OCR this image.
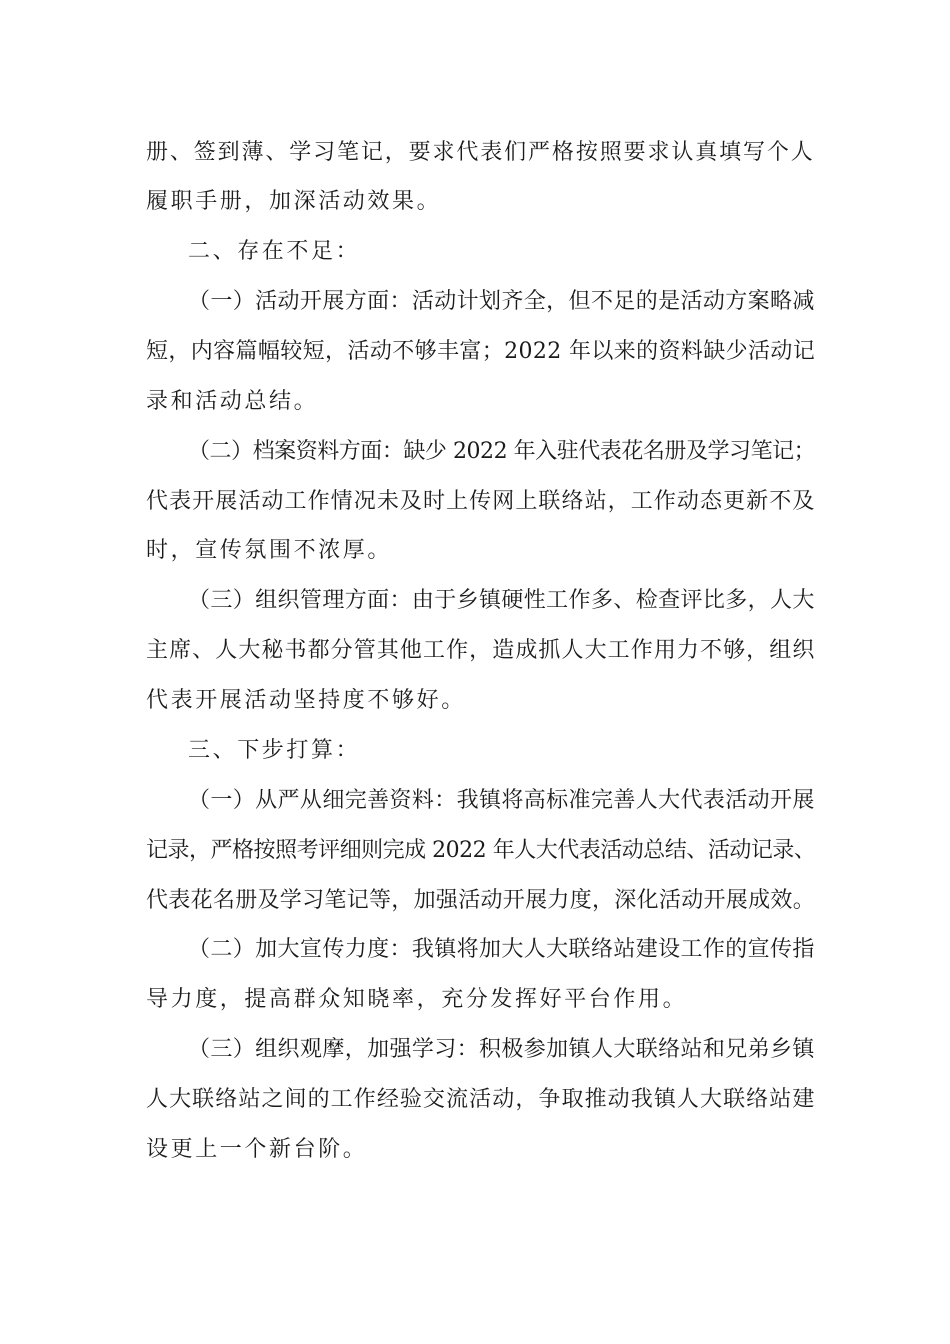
册、签到薄、学习笔记，要求代表们严格按照要求认真填写个人
履职手册，加深活动效果。
二、存在不足：
（一）活动开展方面：活动计划齐全，但不足的是活动方案略减
短，内容篇幅较短，活动不够丰富；2022 年以来的资料缺少活动记
录和活动总结。
（二）档案资料方面：缺少 2022 年入驻代表花名册及学习笔记；
代表开展活动工作情况未及时上传网上联络站，工作动态更新不及
时，宣传氛围不浓厚。
（三）组织管理方面：由于乡镇硬性工作多、检查评比多，人大
主席、人大秘书都分管其他工作，造成抓人大工作用力不够，组织
代表开展活动坚持度不够好。
三、下步打算：
（一）从严从细完善资料：我镇将高标准完善人大代表活动开展
记录，严格按照考评细则完成 2022 年人大代表活动总结、活动记录、
代表花名册及学习笔记等，加强活动开展力度，深化活动开展成效。
（二）加大宣传力度：我镇将加大人大联络站建设工作的宣传指
导力度，提高群众知晓率，充分发挥好平台作用。
（三）组织观摩，加强学习：积极参加镇人大联络站和兄弟乡镇
人大联络站之间的工作经验交流活动，争取推动我镇人大联络站建
设更上一个新台阶。
